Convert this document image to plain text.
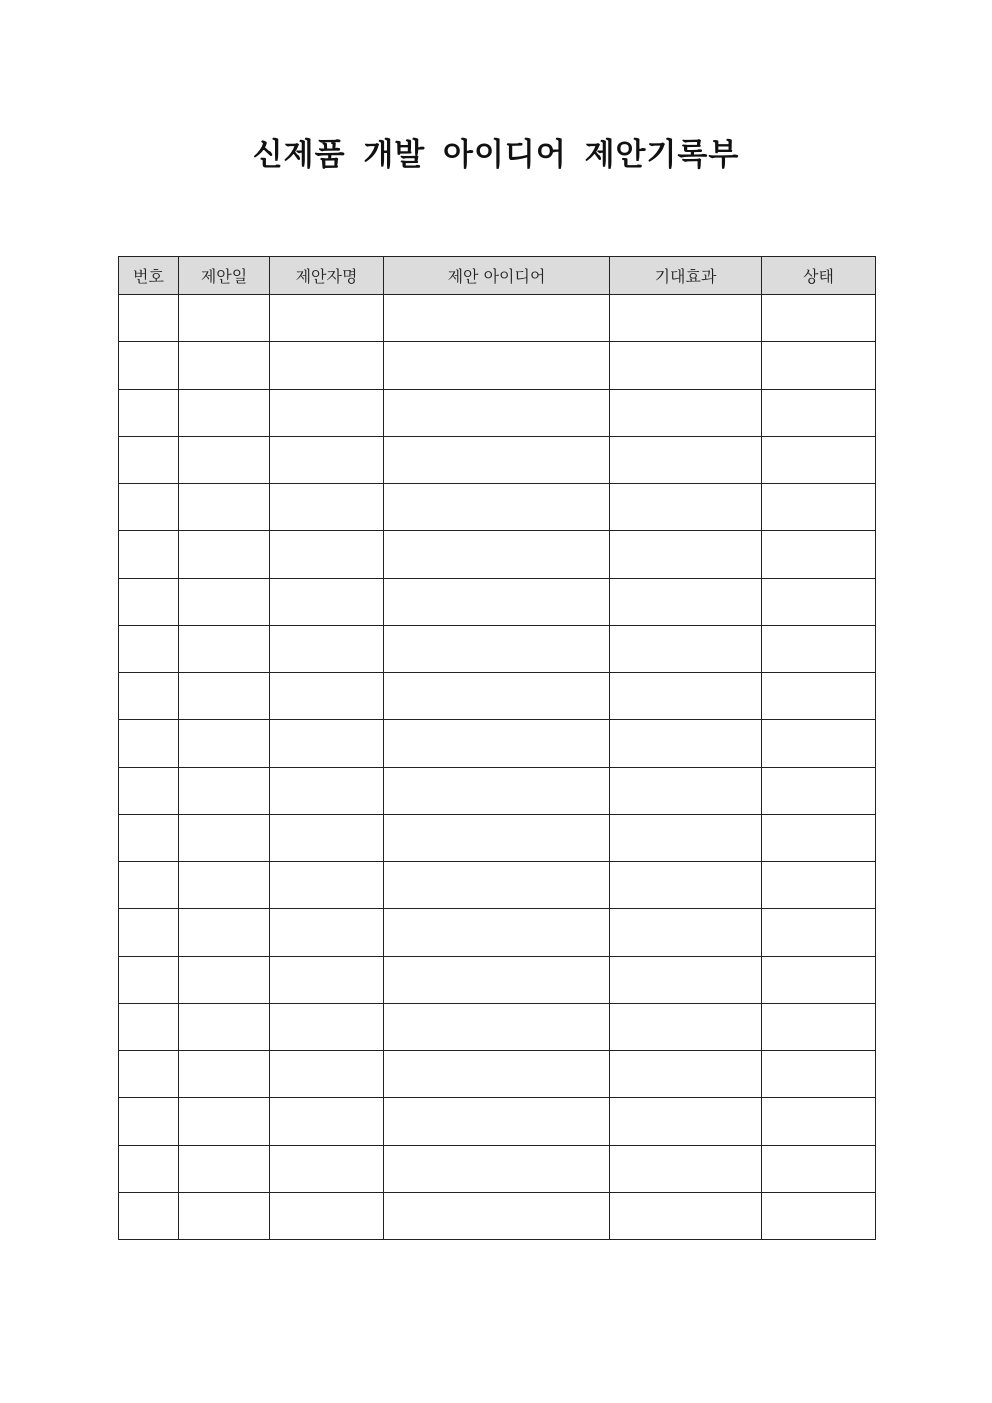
신제품 개발 아이디어 제안기록부
번호	제안일	제안자명	제안 아이디어	기대효과	상태
